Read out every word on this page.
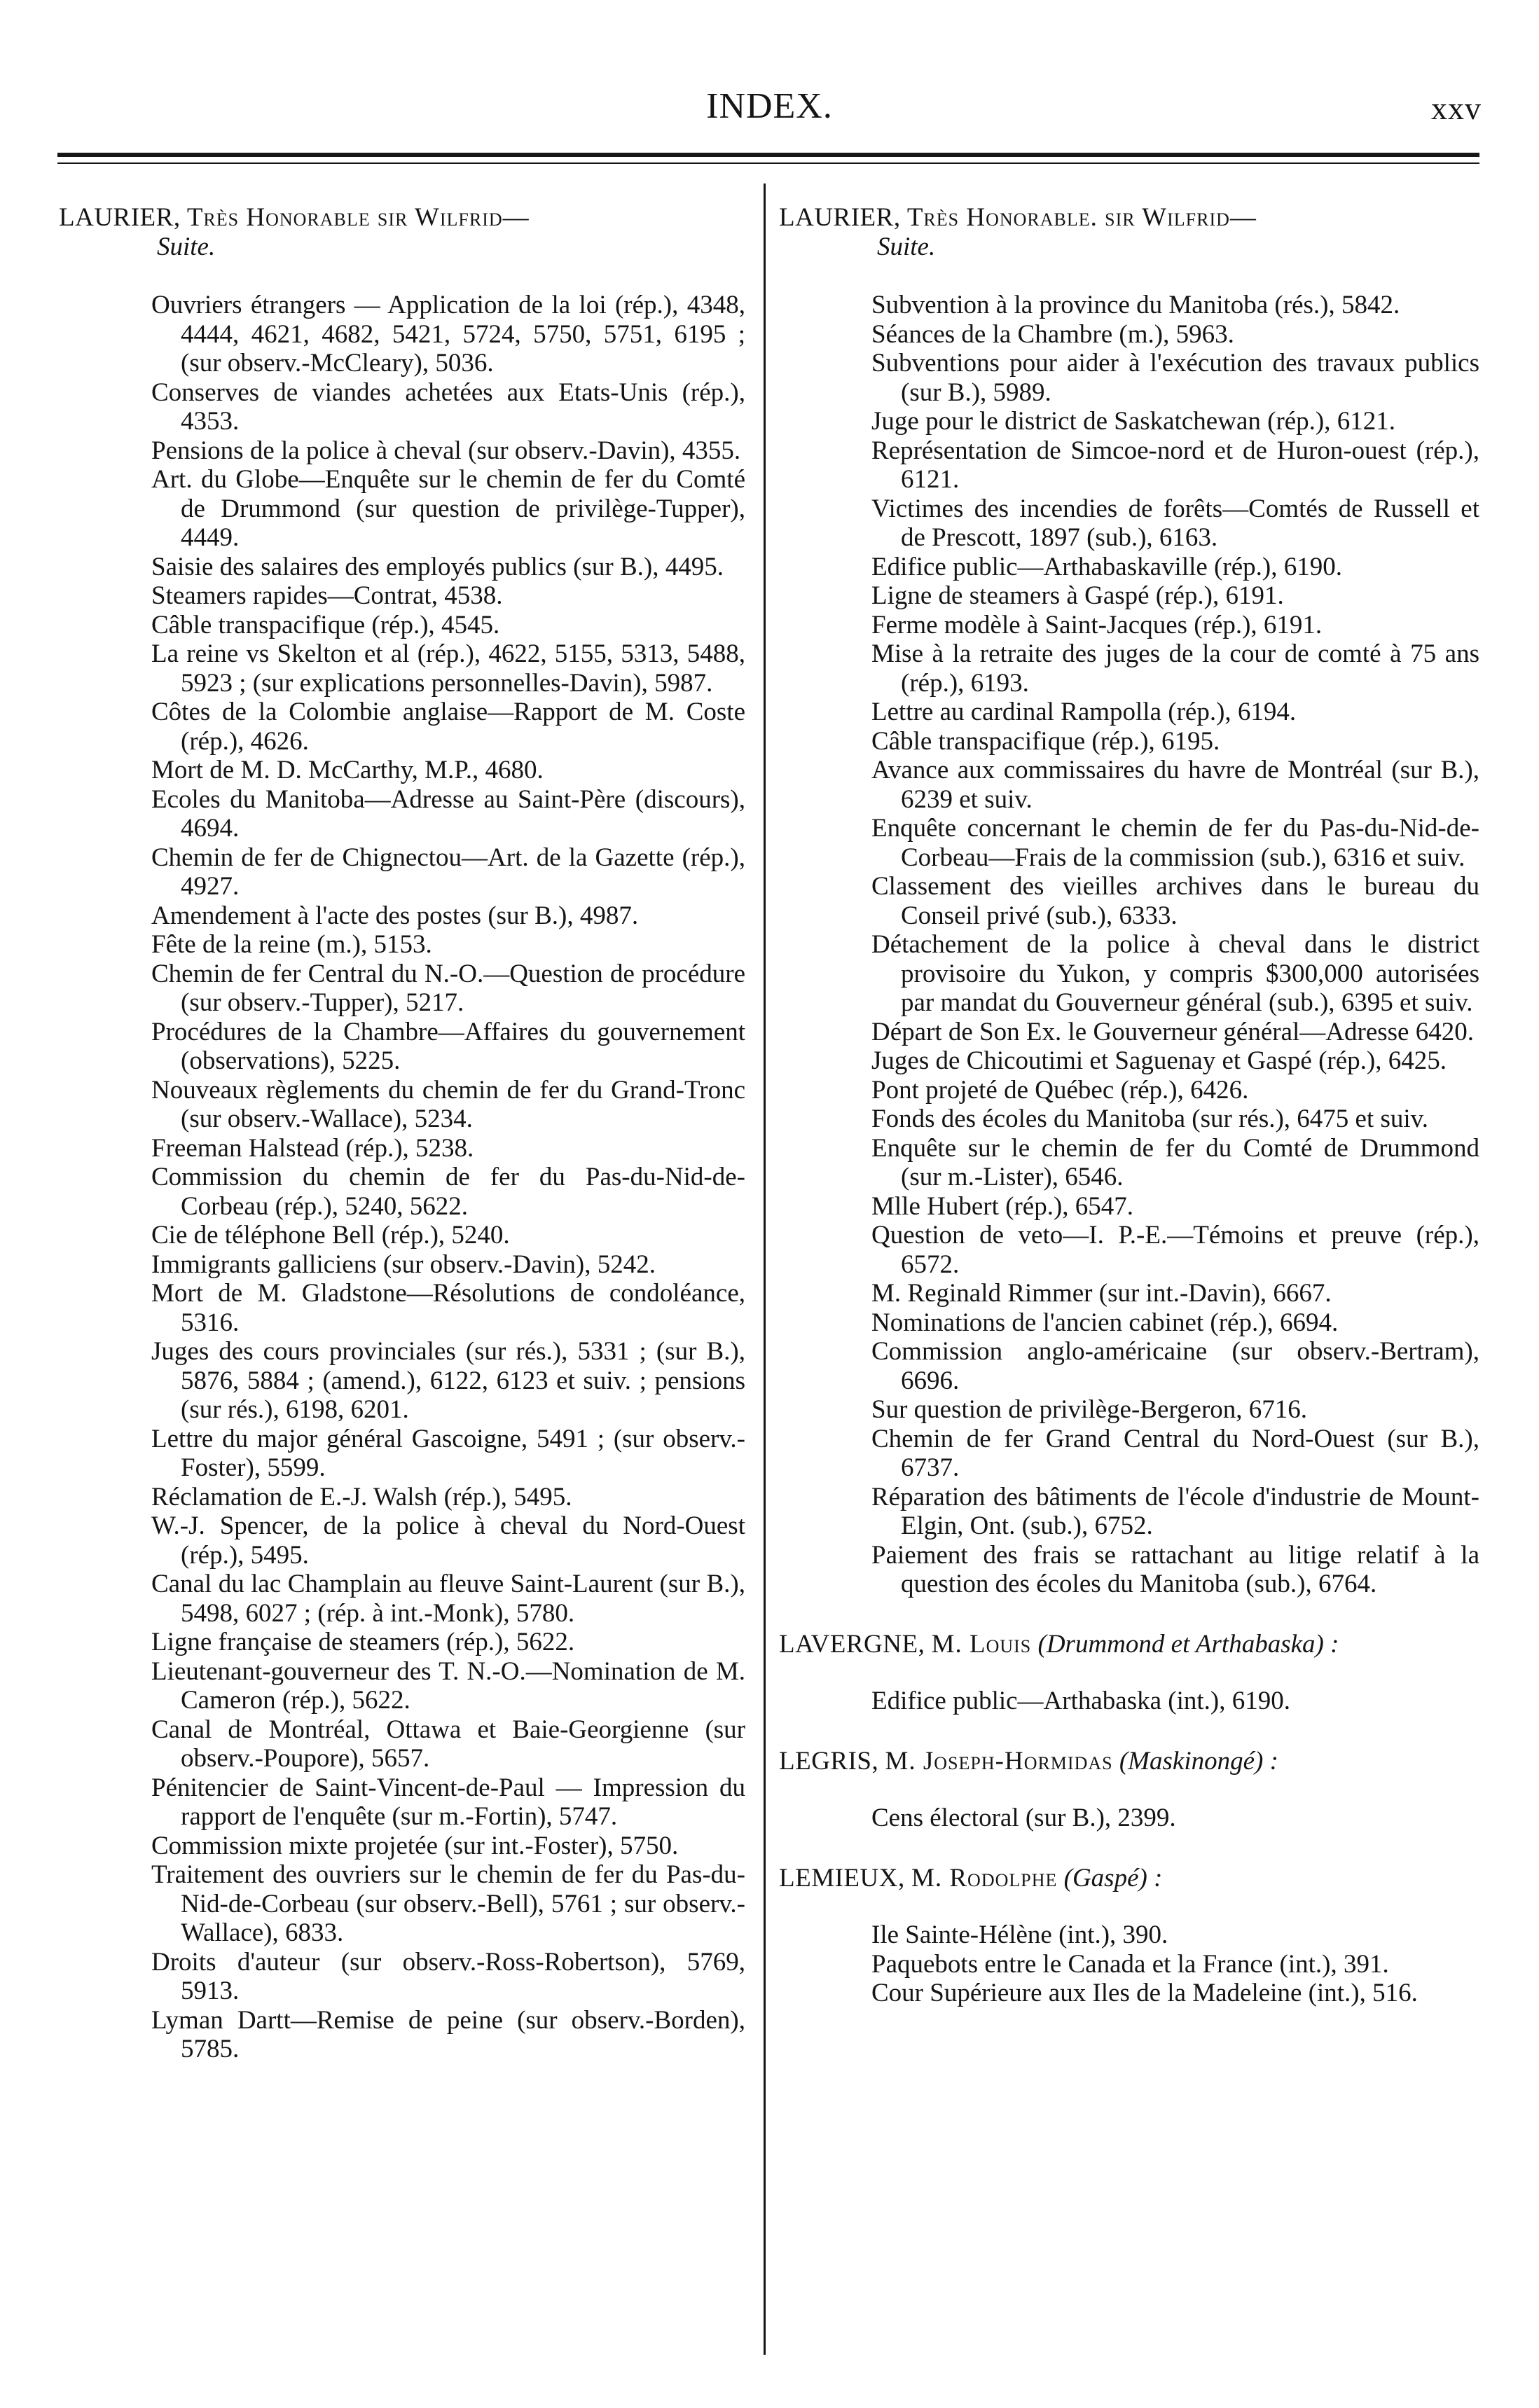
INDEX.	xxv
LAURIER, Très Honorable sir Wilfrid—
Suite.
Ouvriers étrangers — Application de la loi (rép.), 4348, 4444, 4621, 4682, 5421, 5724, 5750, 5751, 6195 ; (sur observ.-McCleary), 5036.
Conserves de viandes achetées aux Etats-Unis (rép.), 4353.
Pensions de la police à cheval (sur observ.-Davin), 4355.
Art. du Globe—Enquête sur le chemin de fer du Comté de Drummond (sur question de privilège-Tupper), 4449.
Saisie des salaires des employés publics (sur B.), 4495.
Steamers rapides—Contrat, 4538.
Câble transpacifique (rép.), 4545.
La reine vs Skelton et al (rép.), 4622, 5155, 5313, 5488, 5923 ; (sur explications personnelles-Davin), 5987.
Côtes de la Colombie anglaise—Rapport de M. Coste (rép.), 4626.
Mort de M. D. McCarthy, M.P., 4680.
Ecoles du Manitoba—Adresse au Saint-Père (discours), 4694.
Chemin de fer de Chignectou—Art. de la Gazette (rép.), 4927.
Amendement à l'acte des postes (sur B.), 4987.
Fête de la reine (m.), 5153.
Chemin de fer Central du N.-O.—Question de procédure (sur observ.-Tupper), 5217.
Procédures de la Chambre—Affaires du gouvernement (observations), 5225.
Nouveaux règlements du chemin de fer du Grand-Tronc (sur observ.-Wallace), 5234.
Freeman Halstead (rép.), 5238.
Commission du chemin de fer du Pas-du-Nid-de-Corbeau (rép.), 5240, 5622.
Cie de téléphone Bell (rép.), 5240.
Immigrants galliciens (sur observ.-Davin), 5242.
Mort de M. Gladstone—Résolutions de condoléance, 5316.
Juges des cours provinciales (sur rés.), 5331 ; (sur B.), 5876, 5884 ; (amend.), 6122, 6123 et suiv. ; pensions (sur rés.), 6198, 6201.
Lettre du major général Gascoigne, 5491 ; (sur observ.-Foster), 5599.
Réclamation de E.-J. Walsh (rép.), 5495.
W.-J. Spencer, de la police à cheval du Nord-Ouest (rép.), 5495.
Canal du lac Champlain au fleuve Saint-Laurent (sur B.), 5498, 6027 ; (rép. à int.-Monk), 5780.
Ligne française de steamers (rép.), 5622.
Lieutenant-gouverneur des T. N.-O.—Nomination de M. Cameron (rép.), 5622.
Canal de Montréal, Ottawa et Baie-Georgienne (sur observ.-Poupore), 5657.
Pénitencier de Saint-Vincent-de-Paul — Impression du rapport de l'enquête (sur m.-Fortin), 5747.
Commission mixte projetée (sur int.-Foster), 5750.
Traitement des ouvriers sur le chemin de fer du Pas-du-Nid-de-Corbeau (sur observ.-Bell), 5761 ; sur observ.-Wallace), 6833.
Droits d'auteur (sur observ.-Ross-Robertson), 5769, 5913.
Lyman Dartt—Remise de peine (sur observ.-Borden), 5785.
LAURIER, Très Honorable. sir Wilfrid—
Suite.
Subvention à la province du Manitoba (rés.), 5842.
Séances de la Chambre (m.), 5963.
Subventions pour aider à l'exécution des travaux publics (sur B.), 5989.
Juge pour le district de Saskatchewan (rép.), 6121.
Représentation de Simcoe-nord et de Huron-ouest (rép.), 6121.
Victimes des incendies de forêts—Comtés de Russell et de Prescott, 1897 (sub.), 6163.
Edifice public—Arthabaskaville (rép.), 6190.
Ligne de steamers à Gaspé (rép.), 6191.
Ferme modèle à Saint-Jacques (rép.), 6191.
Mise à la retraite des juges de la cour de comté à 75 ans (rép.), 6193.
Lettre au cardinal Rampolla (rép.), 6194.
Câble transpacifique (rép.), 6195.
Avance aux commissaires du havre de Montréal (sur B.), 6239 et suiv.
Enquête concernant le chemin de fer du Pas-du-Nid-de-Corbeau—Frais de la commission (sub.), 6316 et suiv.
Classement des vieilles archives dans le bureau du Conseil privé (sub.), 6333.
Détachement de la police à cheval dans le district provisoire du Yukon, y compris $300,000 autorisées par mandat du Gouverneur général (sub.), 6395 et suiv.
Départ de Son Ex. le Gouverneur général—Adresse 6420.
Juges de Chicoutimi et Saguenay et Gaspé (rép.), 6425.
Pont projeté de Québec (rép.), 6426.
Fonds des écoles du Manitoba (sur rés.), 6475 et suiv.
Enquête sur le chemin de fer du Comté de Drummond (sur m.-Lister), 6546.
Mlle Hubert (rép.), 6547.
Question de veto—I. P.-E.—Témoins et preuve (rép.), 6572.
M. Reginald Rimmer (sur int.-Davin), 6667.
Nominations de l'ancien cabinet (rép.), 6694.
Commission anglo-américaine (sur observ.-Bertram), 6696.
Sur question de privilège-Bergeron, 6716.
Chemin de fer Grand Central du Nord-Ouest (sur B.), 6737.
Réparation des bâtiments de l'école d'industrie de Mount-Elgin, Ont. (sub.), 6752.
Paiement des frais se rattachant au litige relatif à la question des écoles du Manitoba (sub.), 6764.
LAVERGNE, M. Louis (Drummond et Arthabaska) :
Edifice public—Arthabaska (int.), 6190.
LEGRIS, M. Joseph-Hormidas (Maskinongé) :
Cens électoral (sur B.), 2399.
LEMIEUX, M. Rodolphe (Gaspé) :
Ile Sainte-Hélène (int.), 390.
Paquebots entre le Canada et la France (int.), 391.
Cour Supérieure aux Iles de la Madeleine (int.), 516.
